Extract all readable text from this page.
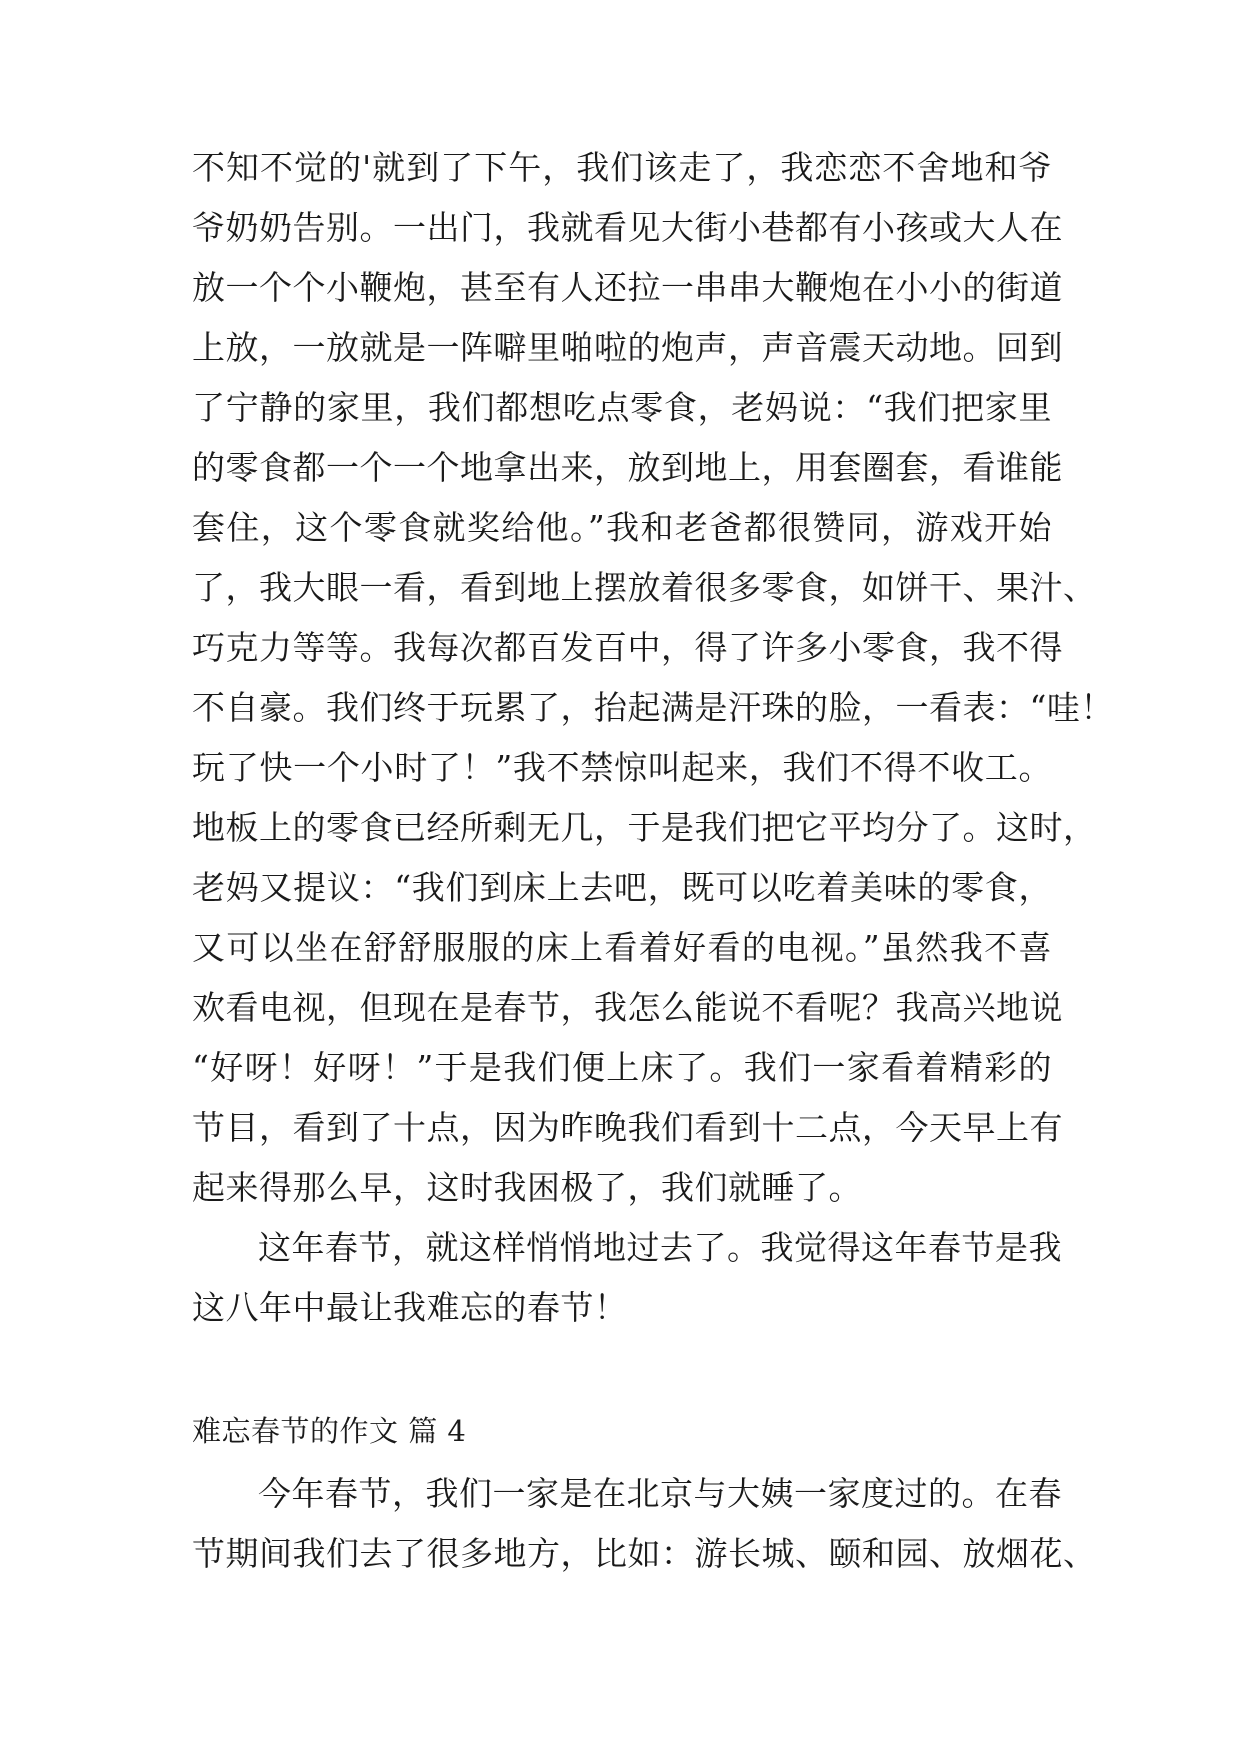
不知不觉的'就到了下午，我们该走了，我恋恋不舍地和爷
爷奶奶告别。一出门，我就看见大街小巷都有小孩或大人在
放一个个小鞭炮，甚至有人还拉一串串大鞭炮在小小的街道
上放，一放就是一阵噼里啪啦的炮声，声音震天动地。回到
了宁静的家里，我们都想吃点零食，老妈说：“我们把家里
的零食都一个一个地拿出来，放到地上，用套圈套，看谁能
套住，这个零食就奖给他。”我和老爸都很赞同，游戏开始
了，我大眼一看，看到地上摆放着很多零食，如饼干、果汁、
巧克力等等。我每次都百发百中，得了许多小零食，我不得
不自豪。我们终于玩累了，抬起满是汗珠的脸，一看表：“哇！
玩了快一个小时了！”我不禁惊叫起来，我们不得不收工。
地板上的零食已经所剩无几，于是我们把它平均分了。这时，
老妈又提议：“我们到床上去吧，既可以吃着美味的零食，
又可以坐在舒舒服服的床上看着好看的电视。”虽然我不喜
欢看电视，但现在是春节，我怎么能说不看呢？我高兴地说
“好呀！好呀！”于是我们便上床了。我们一家看着精彩的
节目，看到了十点，因为昨晚我们看到十二点，今天早上有
起来得那么早，这时我困极了，我们就睡了。
这年春节，就这样悄悄地过去了。我觉得这年春节是我
这八年中最让我难忘的春节！
难忘春节的作文 篇 4
今年春节，我们一家是在北京与大姨一家度过的。在春
节期间我们去了很多地方，比如：游长城、颐和园、放烟花、
